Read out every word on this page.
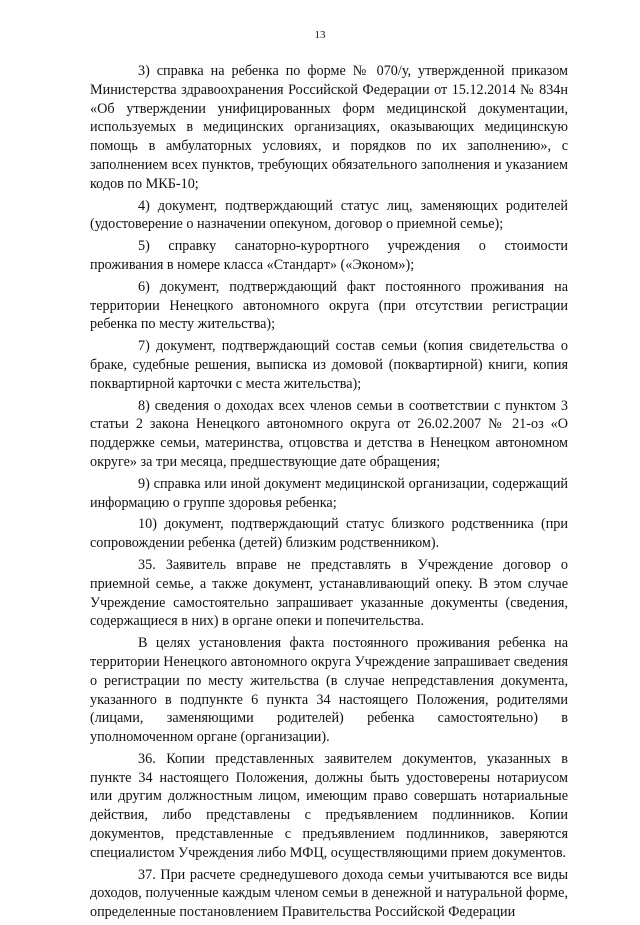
13

3) справка на ребенка по форме № 070/у, утвержденной приказом Министерства здравоохранения Российской Федерации от 15.12.2014 № 834н «Об утверждении унифицированных форм медицинской документации, используемых в медицинских организациях, оказывающих медицинскую помощь в амбулаторных условиях, и порядков по их заполнению», с заполнением всех пунктов, требующих обязательного заполнения и указанием кодов по МКБ-10;

4) документ, подтверждающий статус лиц, заменяющих родителей (удостоверение о назначении опекуном, договор о приемной семье);

5) справку санаторно-курортного учреждения о стоимости проживания в номере класса «Стандарт» («Эконом»);

6) документ, подтверждающий факт постоянного проживания на территории Ненецкого автономного округа (при отсутствии регистрации ребенка по месту жительства);

7) документ, подтверждающий состав семьи (копия свидетельства о браке, судебные решения, выписка из домовой (поквартирной) книги, копия поквартирной карточки с места жительства);

8) сведения о доходах всех членов семьи в соответствии с пунктом 3 статьи 2 закона Ненецкого автономного округа от 26.02.2007 № 21-оз «О поддержке семьи, материнства, отцовства и детства в Ненецком автономном округе» за три месяца, предшествующие дате обращения;

9) справка или иной документ медицинской организации, содержащий информацию о группе здоровья ребенка;

10) документ, подтверждающий статус близкого родственника (при сопровождении ребенка (детей) близким родственником).

35. Заявитель вправе не представлять в Учреждение договор о приемной семье, а также документ, устанавливающий опеку. В этом случае Учреждение самостоятельно запрашивает указанные документы (сведения, содержащиеся в них) в органе опеки и попечительства.

В целях установления факта постоянного проживания ребенка на территории Ненецкого автономного округа Учреждение запрашивает сведения о регистрации по месту жительства (в случае непредставления документа, указанного в подпункте 6 пункта 34 настоящего Положения, родителями (лицами, заменяющими родителей) ребенка самостоятельно) в уполномоченном органе (организации).

36. Копии представленных заявителем документов, указанных в пункте 34 настоящего Положения, должны быть удостоверены нотариусом или другим должностным лицом, имеющим право совершать нотариальные действия, либо представлены с предъявлением подлинников. Копии документов, представленные с предъявлением подлинников, заверяются специалистом Учреждения либо МФЦ, осуществляющими прием документов.

37. При расчете среднедушевого дохода семьи учитываются все виды доходов, полученные каждым членом семьи в денежной и натуральной форме, определенные постановлением Правительства Российской Федерации
